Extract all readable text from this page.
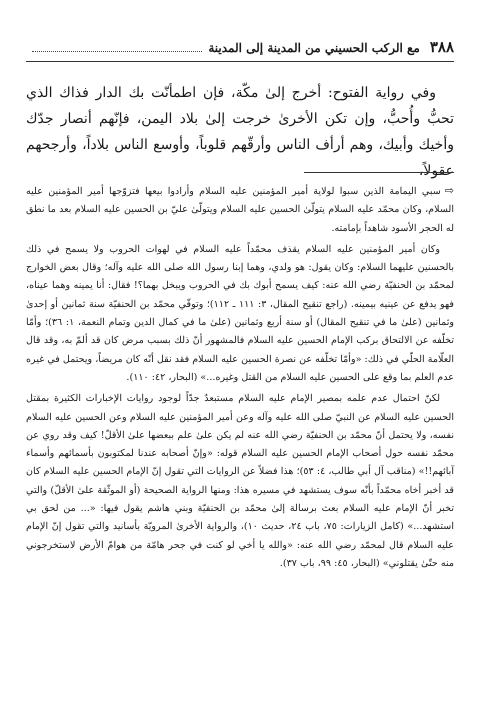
٣٨٨
مع الركب الحسيني من المدينة إلى المدينة

وفي رواية الفتوح: أخرج إلىٰ مكّة، فإن اطمأنّت بك الدار فذاك الذي تحبُّ وأُحبُّ، وإن تكن الأخرىٰ خرجت إلىٰ بلاد اليمن، فإنّهم أنصار جدّك وأخيك وأبيك، وهم أرأف الناس وأرقّهم قلوباً، وأوسع الناس بلاداً، وأرجحهم عقولاً،

⇨سبي اليمامة الذين سبوا لولاية أمير المؤمنين عليه السلام وأرادوا بيعها فتزوّجها أمير المؤمنين عليه السلام، وكان محمّد عليه السلام يتولّىٰ الحسين عليه السلام ويتولّىٰ عليّ بن الحسين عليه السلام بعد ما نطق له الحجر الأسود شاهداً بإمامته.

وكان أمير المؤمنين عليه السلام يقذف محمّداً عليه السلام في لهوات الحروب ولا يسمح في ذلك بالحسنين عليهما السلام: وكان يقول: هو ولدي، وهما إبنا رسول الله صلى الله عليه وآله؛ وقال بعض الخوارج لمحمّد بن الحنفيّة رضي الله عنه: كيف يسمح أبوك بك في الحروب ويبخل بهما؟! فقال: أنا يمينه وهما عيناه، فهو يدفع عن عينيه بيمينه. (راجع تنقيح المقال، ٣: ١١١ ـ ١١٢)؛ وتوفّي محمّد بن الحنفيّة سنة ثمانين أو إحدىٰ وثمانين (علىٰ ما في تنقيح المقال) أو سنة أربع وثمانين (علىٰ ما في كمال الدين وتمام النعمة، ١: ٣٦)؛ وأمّا تخلّفه عن الالتحاق بركب الإمام الحسين عليه السلام فالمشهور أنّ ذلك بسبب مرض كان قد ألمّ به، وقد قال العلّامة الحلّي في ذلك: «وأمّا تخلّفه عن نصرة الحسين عليه السلام فقد نقل أنّه كان مريضاً، ويحتمل في غيره عدم العلم بما وقع على الحسين عليه السلام من القتل وغيره...» (البحار، ٤٢: ١١٠).

لكنّ احتمال عدم علمه بمصير الإمام عليه السلام مستبعدٌ جدّاً لوجود روايات الإخبارات الكثيرة بمقتل الحسين عليه السلام عن النبيّ صلى الله عليه وآله وعن أمير المؤمنين عليه السلام وعن الحسين عليه السلام نفسه، ولا يحتمل أنّ محمّد بن الحنفيّة رضي الله عنه لم يكن علىٰ علم ببعضها علىٰ الأقلّ! كيف وقد روي عن محمّد نفسه حول أصحاب الإمام الحسين عليه السلام قوله: «وإنّ أصحابه عندنا لمكتوبون بأسمائهم وأسماء آبائهم!!» (مناقب آل أبي طالب، ٤: ٥٣)؛ هذا فضلاً عن الروايات التي تقول إنّ الإمام الحسين عليه السلام كان قد أخبر أخاه محمّداً بأنّه سوف يستشهد في مسيره هذا: ومنها الرواية الصحيحة (أو الموثّقة علىٰ الأقلّ) والتي تخبر أنّ الإمام عليه السلام بعث برسالة إلىٰ محمّد بن الحنفيّة وبني هاشم يقول فيها: «... من لحق بي استشهد...» (كامل الزيارات: ٧٥، باب ٢٤، حديث ١٠)، والرواية الأخرىٰ المرويّة بأسانيد والتي تقول إنّ الإمام عليه السلام قال لمحمّد رضي الله عنه: «والله يا أخي لو كنت في جحر هامّة من هوامّ الأرض لاستخرجوني منه حتّىٰ يقتلوني» (البحار، ٤٥: ٩٩، باب ٣٧).
